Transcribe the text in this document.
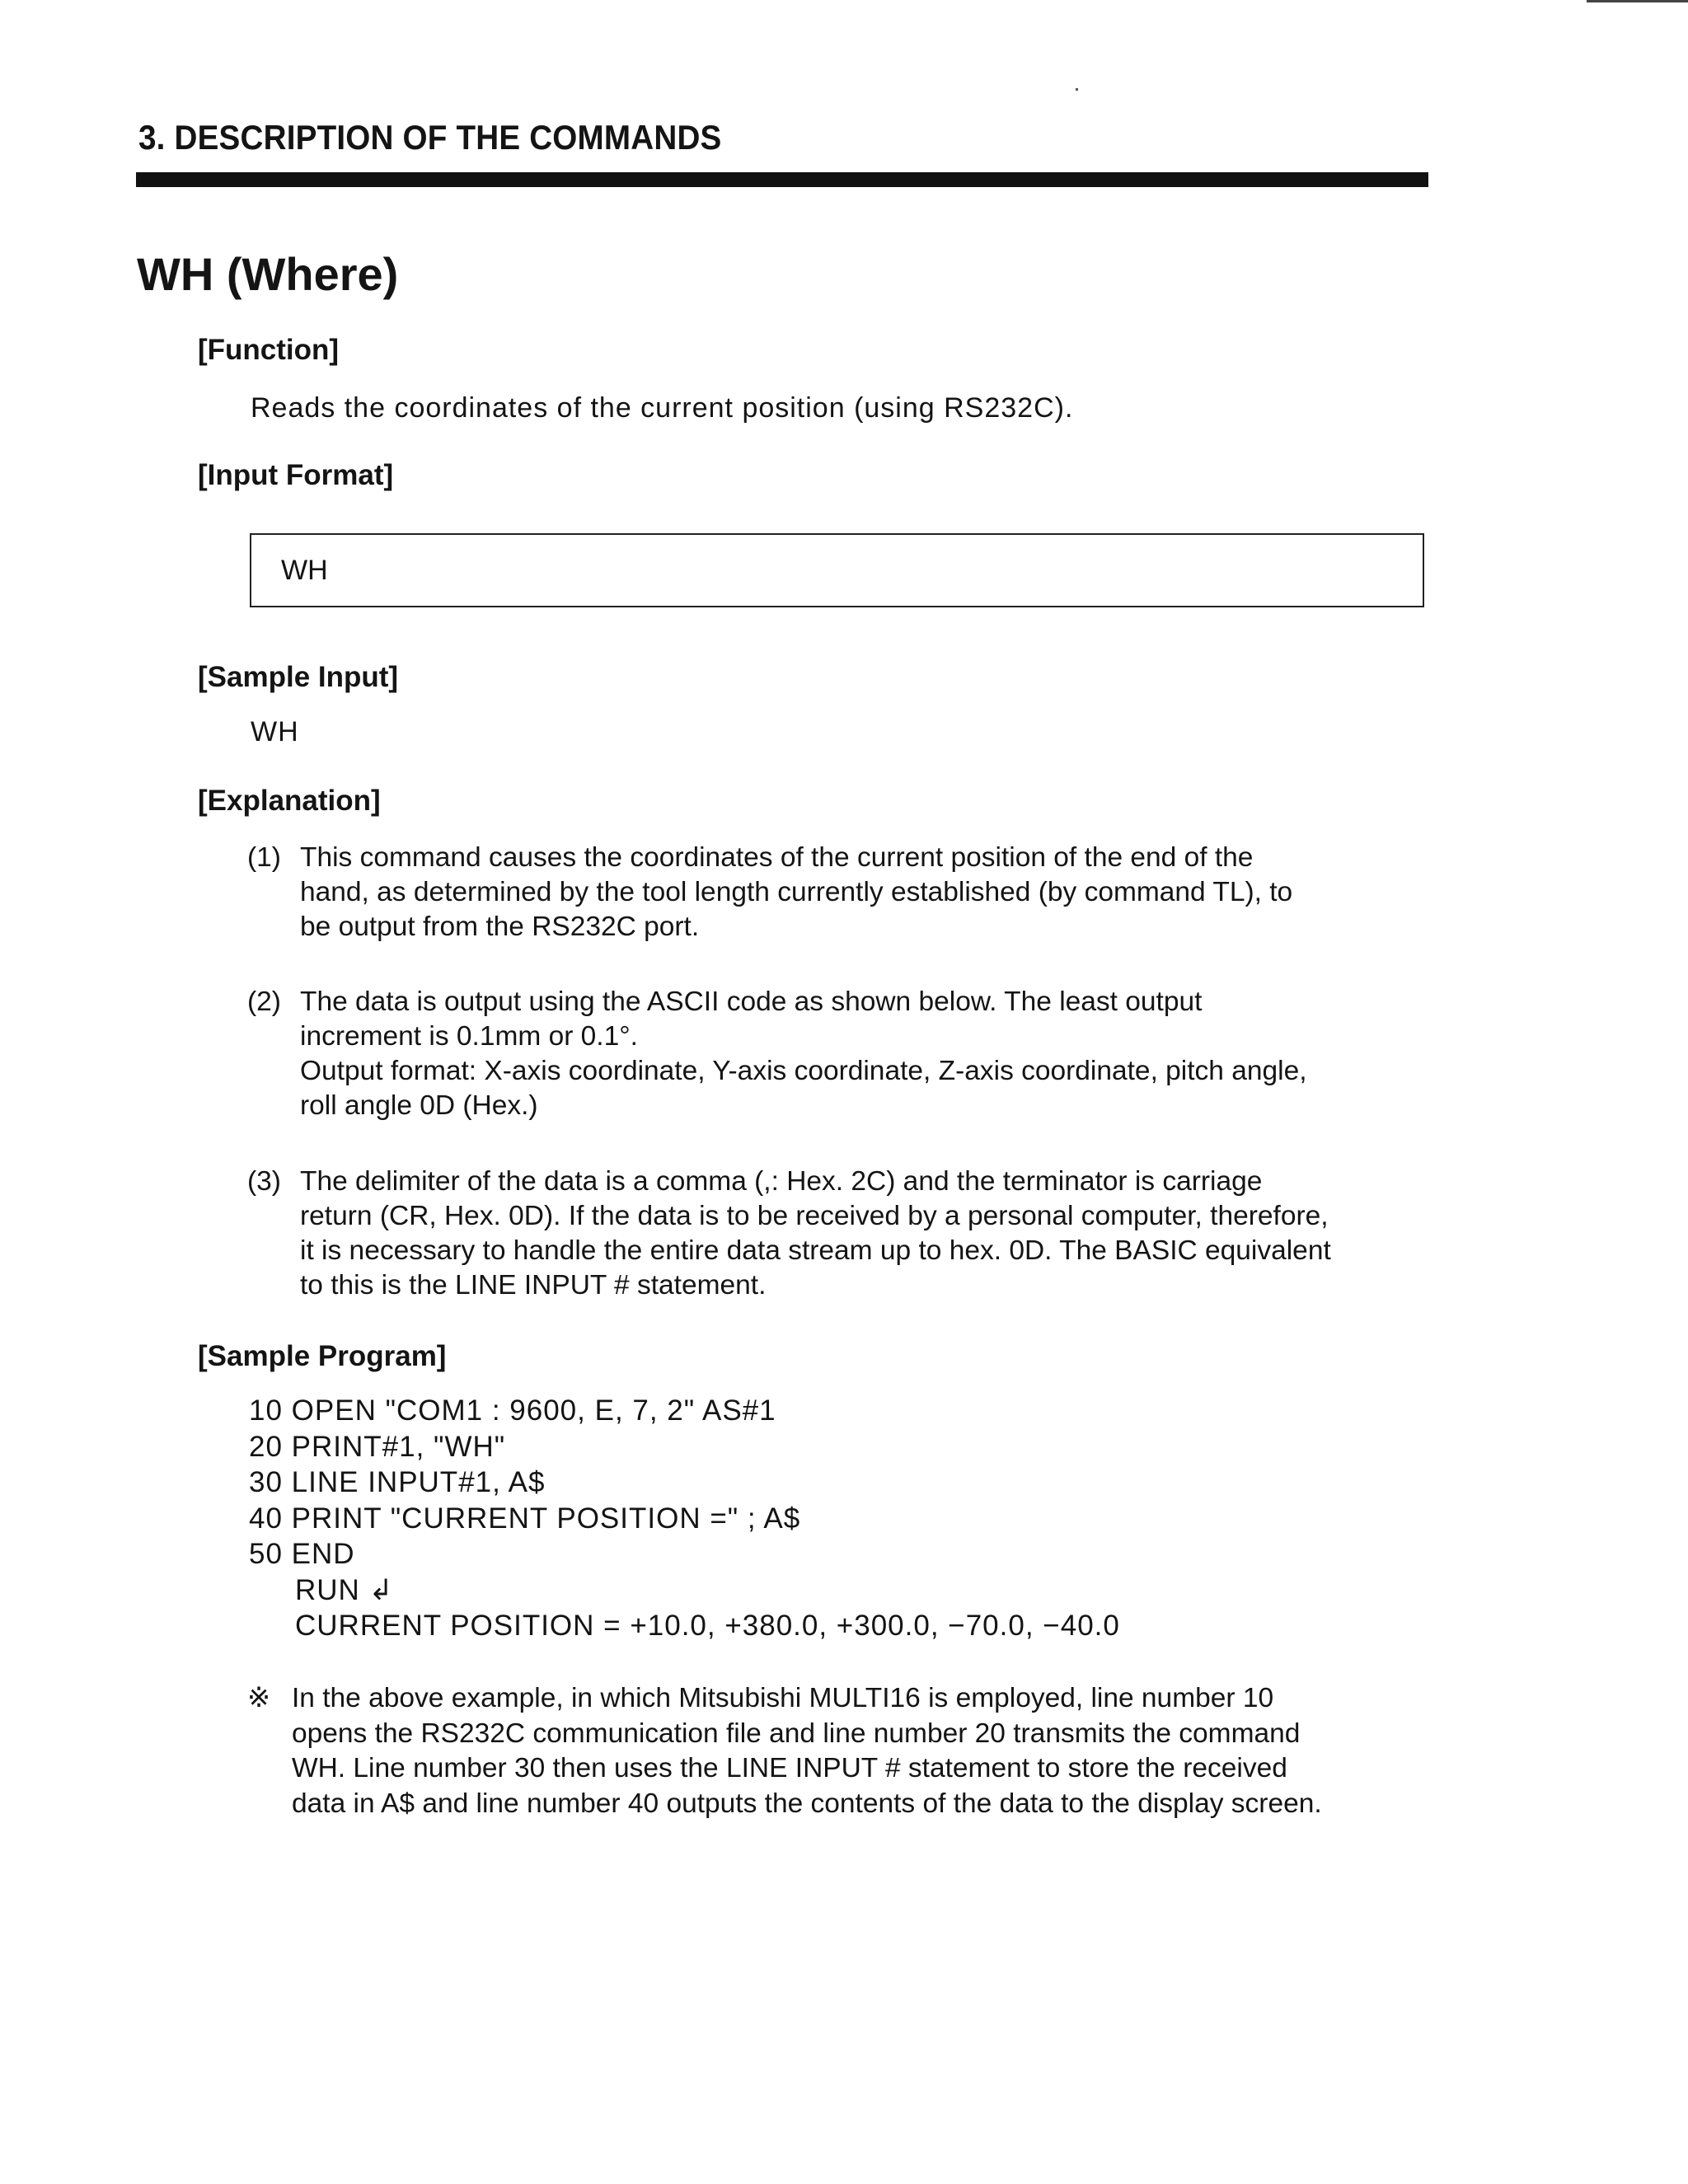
3. DESCRIPTION OF THE COMMANDS
WH (Where)
[Function]
Reads the coordinates of the current position (using RS232C).
[Input Format]
WH
[Sample Input]
WH
[Explanation]
(1) This command causes the coordinates of the current position of the end of the
hand, as determined by the tool length currently established (by command TL), to
be output from the RS232C port.
(2) The data is output using the ASCII code as shown below. The least output
increment is 0.1mm or 0.1°.
Output format: X-axis coordinate, Y-axis coordinate, Z-axis coordinate, pitch angle,
roll angle 0D (Hex.)
(3) The delimiter of the data is a comma (,: Hex. 2C) and the terminator is carriage
return (CR, Hex. 0D). If the data is to be received by a personal computer, therefore,
it is necessary to handle the entire data stream up to hex. 0D. The BASIC equivalent
to this is the LINE INPUT # statement.
[Sample Program]
10 OPEN "COM1 : 9600, E, 7, 2" AS#1
20 PRINT#1, "WH"
30 LINE INPUT#1, A$
40 PRINT "CURRENT POSITION =" ; A$
50 END
RUN ↲
CURRENT POSITION = +10.0, +380.0, +300.0, −70.0, −40.0
※ In the above example, in which Mitsubishi MULTI16 is employed, line number 10
opens the RS232C communication file and line number 20 transmits the command
WH. Line number 30 then uses the LINE INPUT # statement to store the received
data in A$ and line number 40 outputs the contents of the data to the display screen.
